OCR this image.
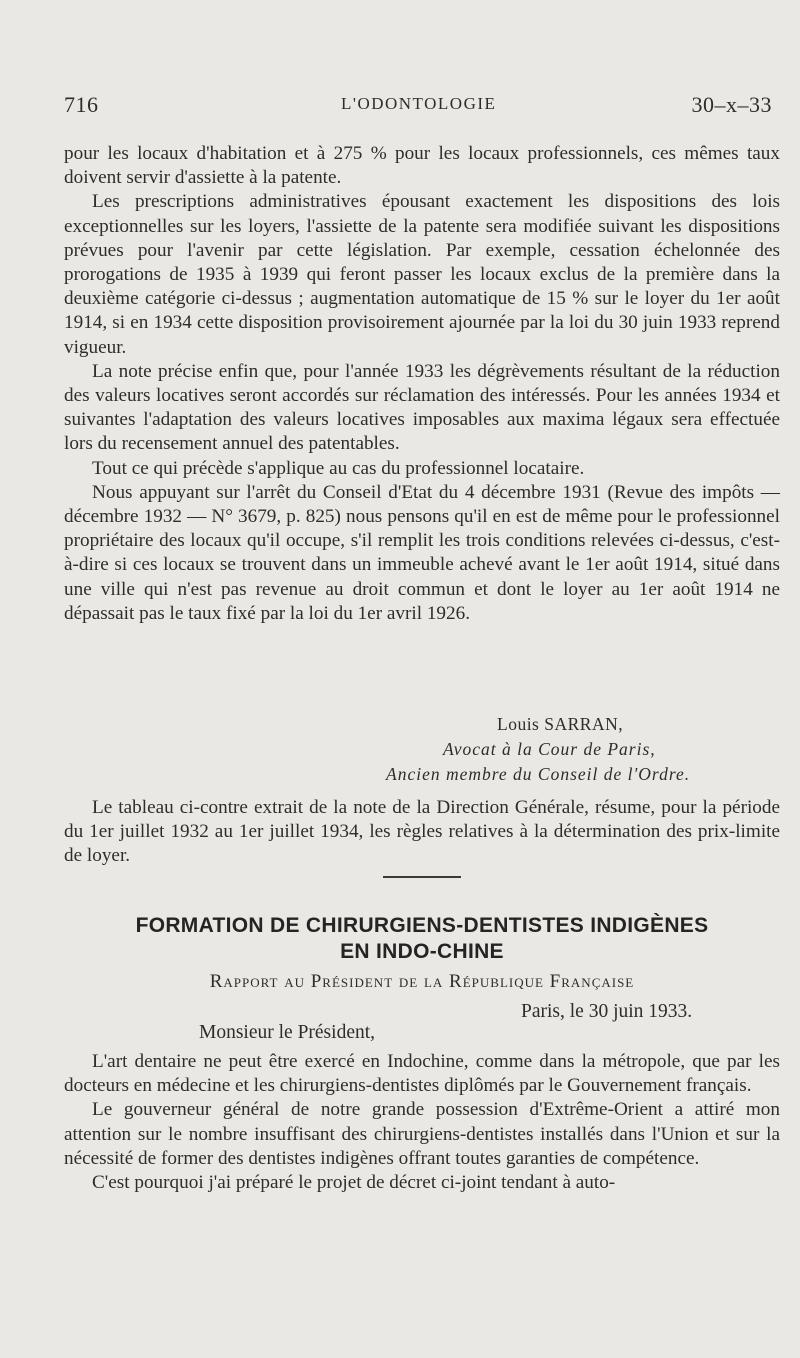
716	L'ODONTOLOGIE	30–x–33

pour les locaux d'habitation et à 275 % pour les locaux professionnels, ces mêmes taux doivent servir d'assiette à la patente.

Les prescriptions administratives épousant exactement les dispositions des lois exceptionnelles sur les loyers, l'assiette de la patente sera modifiée suivant les dispositions prévues pour l'avenir par cette législation. Par exemple, cessation échelonnée des prorogations de 1935 à 1939 qui feront passer les locaux exclus de la première dans la deuxième catégorie ci-dessus ; augmentation automatique de 15 % sur le loyer du 1er août 1914, si en 1934 cette disposition provisoirement ajournée par la loi du 30 juin 1933 reprend vigueur.

La note précise enfin que, pour l'année 1933 les dégrèvements résultant de la réduction des valeurs locatives seront accordés sur réclamation des intéressés. Pour les années 1934 et suivantes l'adaptation des valeurs locatives imposables aux maxima légaux sera effectuée lors du recensement annuel des patentables.

Tout ce qui précède s'applique au cas du professionnel locataire.

Nous appuyant sur l'arrêt du Conseil d'Etat du 4 décembre 1931 (Revue des impôts — décembre 1932 — N° 3679, p. 825) nous pensons qu'il en est de même pour le professionnel propriétaire des locaux qu'il occupe, s'il remplit les trois conditions relevées ci-dessus, c'est-à-dire si ces locaux se trouvent dans un immeuble achevé avant le 1er août 1914, situé dans une ville qui n'est pas revenue au droit commun et dont le loyer au 1er août 1914 ne dépassait pas le taux fixé par la loi du 1er avril 1926.

Louis SARRAN,
Avocat à la Cour de Paris,
Ancien membre du Conseil de l'Ordre.

Le tableau ci-contre extrait de la note de la Direction Générale, résume, pour la période du 1er juillet 1932 au 1er juillet 1934, les règles relatives à la détermination des prix-limite de loyer.

FORMATION DE CHIRURGIENS-DENTISTES INDIGÈNES
EN INDO-CHINE
Rapport au Président de la République Française
Paris, le 30 juin 1933.
Monsieur le Président,

L'art dentaire ne peut être exercé en Indochine, comme dans la métropole, que par les docteurs en médecine et les chirurgiens-dentistes diplômés par le Gouvernement français.

Le gouverneur général de notre grande possession d'Extrême-Orient a attiré mon attention sur le nombre insuffisant des chirurgiens-dentistes installés dans l'Union et sur la nécessité de former des dentistes indigènes offrant toutes garanties de compétence.

C'est pourquoi j'ai préparé le projet de décret ci-joint tendant à auto-
